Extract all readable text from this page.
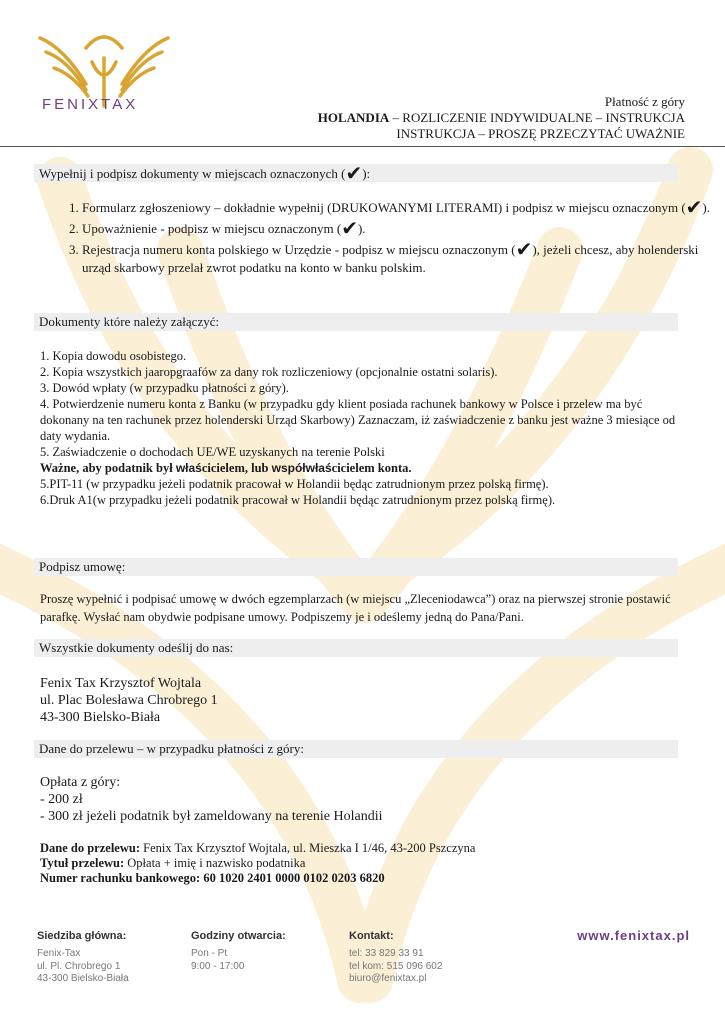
FENIXTAX	Płatność z góry
HOLANDIA – ROZLICZENIE INDYWIDUALNE – INSTRUKCJA
INSTRUKCJA – PROSZĘ PRZECZYTAĆ UWAŻNIE
Wypełnij i podpisz dokumenty w miejscach oznaczonych (✔):
1. Formularz zgłoszeniowy – dokładnie wypełnij (DRUKOWANYMI LITERAMI) i podpisz w miejscu oznaczonym (✔).
2. Upoważnienie - podpisz w miejscu oznaczonym (✔).
3. Rejestracja numeru konta polskiego w Urzędzie - podpisz w miejscu oznaczonym (✔), jeżeli chcesz, aby holenderski urząd skarbowy przelał zwrot podatku na konto w banku polskim.
Dokumenty które należy załączyć:
1. Kopia dowodu osobistego.
2. Kopia wszystkich jaaropgraafów za dany rok rozliczeniowy (opcjonalnie ostatni solaris).
3. Dowód wpłaty (w przypadku płatności z góry).
4. Potwierdzenie numeru konta z Banku (w przypadku gdy klient posiada rachunek bankowy w Polsce i przelew ma być dokonany na ten rachunek przez holenderski Urząd Skarbowy) Zaznaczam, iż zaświadczenie z banku jest ważne 3 miesiące od daty wydania.
5. Zaświadczenie o dochodach UE/WE uzyskanych na terenie Polski
Ważne, aby podatnik był właścicielem, lub współwłaścicielem konta.
5.PIT-11 (w przypadku jeżeli podatnik pracował w Holandii będąc zatrudnionym przez polską firmę).
6.Druk A1(w przypadku jeżeli podatnik pracował w Holandii będąc zatrudnionym przez polską firmę).
Podpisz umowę:
Proszę wypełnić i podpisać umowę w dwóch egzemplarzach (w miejscu „Zleceniodawca”) oraz na pierwszej stronie postawić parafkę. Wysłać nam obydwie podpisane umowy. Podpiszemy je i odeślemy jedną do Pana/Pani.
Wszystkie dokumenty odeślij do nas:
Fenix Tax Krzysztof Wojtala
ul. Plac Bolesława Chrobrego 1
43-300 Bielsko-Biała
Dane do przelewu – w przypadku płatności z góry:
Opłata z góry:
- 200 zł
- 300 zł jeżeli podatnik był zameldowany na terenie Holandii
Dane do przelewu: Fenix Tax Krzysztof Wojtala, ul. Mieszka I 1/46, 43-200 Pszczyna
Tytuł przelewu: Opłata + imię i nazwisko podatnika
Numer rachunku bankowego: 60 1020 2401 0000 0102 0203 6820
Siedziba główna:
Fenix-Tax
ul. Pl. Chrobrego 1
43-300 Bielsko-Biała
Godziny otwarcia:
Pon - Pt
9:00 - 17:00
Kontakt:
tel: 33 829 33 91
tel kom: 515 096 602
biuro@fenixtax.pl
www.fenixtax.pl
